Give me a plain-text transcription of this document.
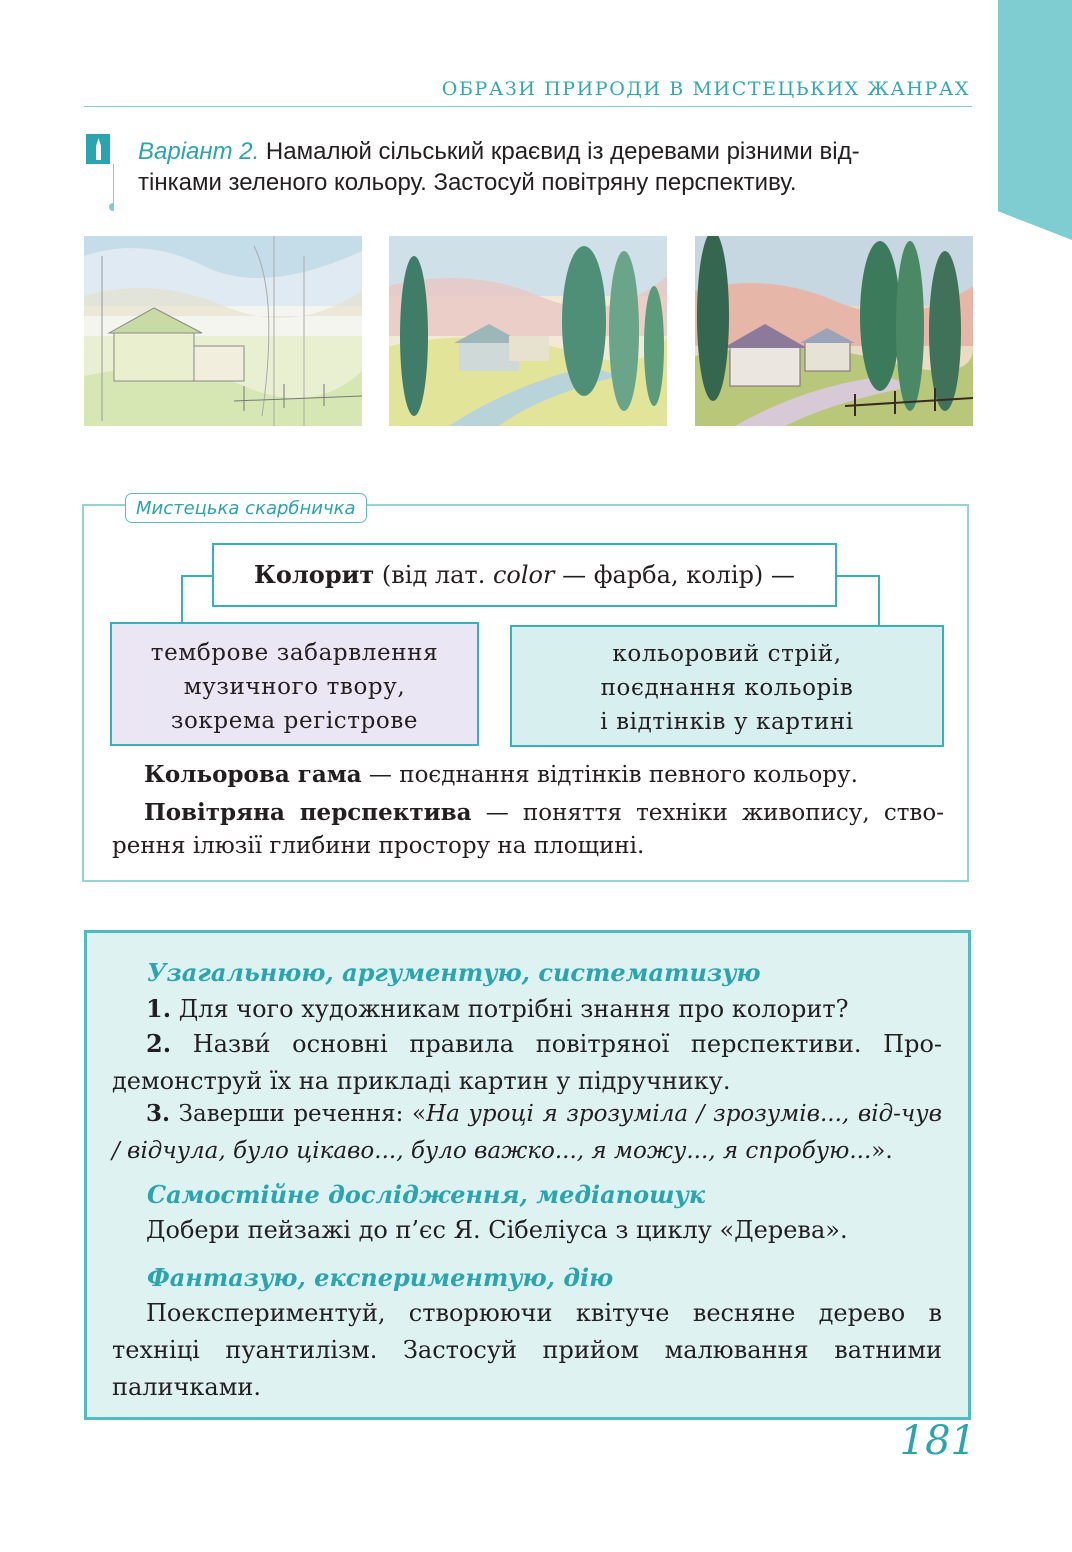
ОБРАЗИ ПРИРОДИ В МИСТЕЦЬКИХ ЖАНРАХ
Варіант 2. Намалюй сільський краєвид із деревами різними від-
тінками зеленого кольору. Застосуй повітряну перспективу.
Мистецька скарбничка
Колорит (від лат. color — фарба, колір) —
темброве забарвлення
музичного твору,
зокрема регістрове
кольоровий стрій,
поєднання кольорів
і відтінків у картині
Кольорова гама — поєднання відтінків певного кольору.
Повітряна перспектива — поняття техніки живопису, ство-рення ілюзії глибини простору на площині.
Узагальнюю, аргументую, систематизую
1. Для чого художникам потрібні знання про колорит?
2. Назви́ основні правила повітряної перспективи. Про-демонструй їх на прикладі картин у підручнику.
3. Заверши речення: «На уроці я зрозуміла / зрозумів..., від-чув / відчула, було цікаво..., було важко..., я можу..., я спробую...».
Самостійне дослідження, медіапошук
Добери пейзажі до п’єс Я. Сібеліуса з циклу «Дерева».
Фантазую, експериментую, дію
Поекспериментуй, створюючи квітуче весняне дерево в техніці пуантилізм. Застосуй прийом малювання ватними паличками.
181
